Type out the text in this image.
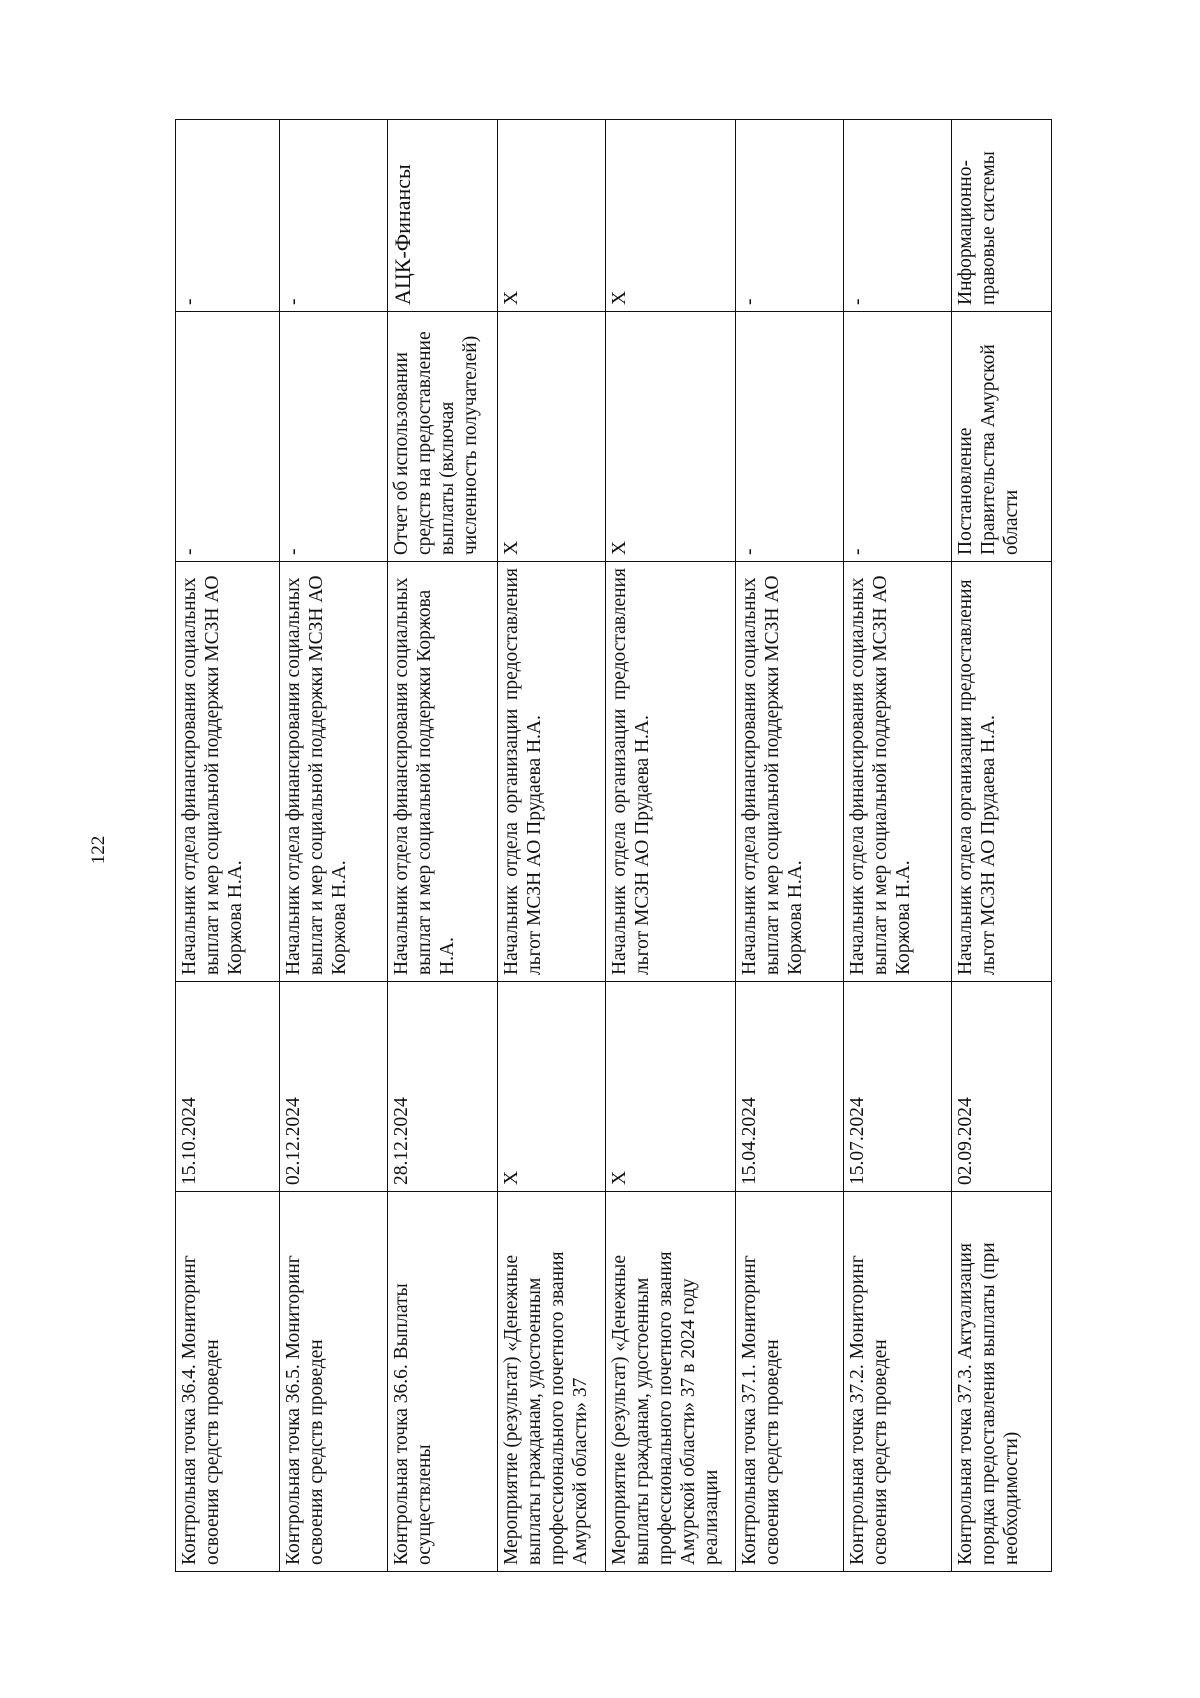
122
Контрольная точка 36.4. Мониторинг освоения средств проведен	15.10.2024	Начальник отдела финансирования социальных выплат и мер социальной поддержки МСЗН АО Коржова Н.А.	-	-
Контрольная точка 36.5. Мониторинг освоения средств проведен	02.12.2024	Начальник отдела финансирования социальных выплат и мер социальной поддержки МСЗН АО Коржова Н.А.	-	-
Контрольная точка 36.6. Выплаты осуществлены	28.12.2024	Начальник отдела финансирования социальных выплат и мер социальной поддержки Коржова Н.А.	Отчет об использовании средств на предоставление выплаты (включая численность получателей)	АЦК-Финансы
Мероприятие (результат) «Денежные выплаты гражданам, удостоенным профессионального почетного звания Амурской области» 37	Х	Начальник отдела организации предоставления льгот МСЗН АО Прудаева Н.А.	Х	Х
Мероприятие (результат) «Денежные выплаты гражданам, удостоенным профессионального почетного звания Амурской области» 37 в 2024 году реализации	Х	Начальник отдела организации предоставления льгот МСЗН АО Прудаева Н.А.	Х	Х
Контрольная точка 37.1. Мониторинг освоения средств проведен	15.04.2024	Начальник отдела финансирования социальных выплат и мер социальной поддержки МСЗН АО Коржова Н.А.	-	-
Контрольная точка 37.2. Мониторинг освоения средств проведен	15.07.2024	Начальник отдела финансирования социальных выплат и мер социальной поддержки МСЗН АО Коржова Н.А.	-	-
Контрольная точка 37.3. Актуализация порядка предоставления выплаты (при необходимости)	02.09.2024	Начальник отдела организации предоставления льгот МСЗН АО Прудаева Н.А.	Постановление Правительства Амурской области	Информационно-правовые системы
